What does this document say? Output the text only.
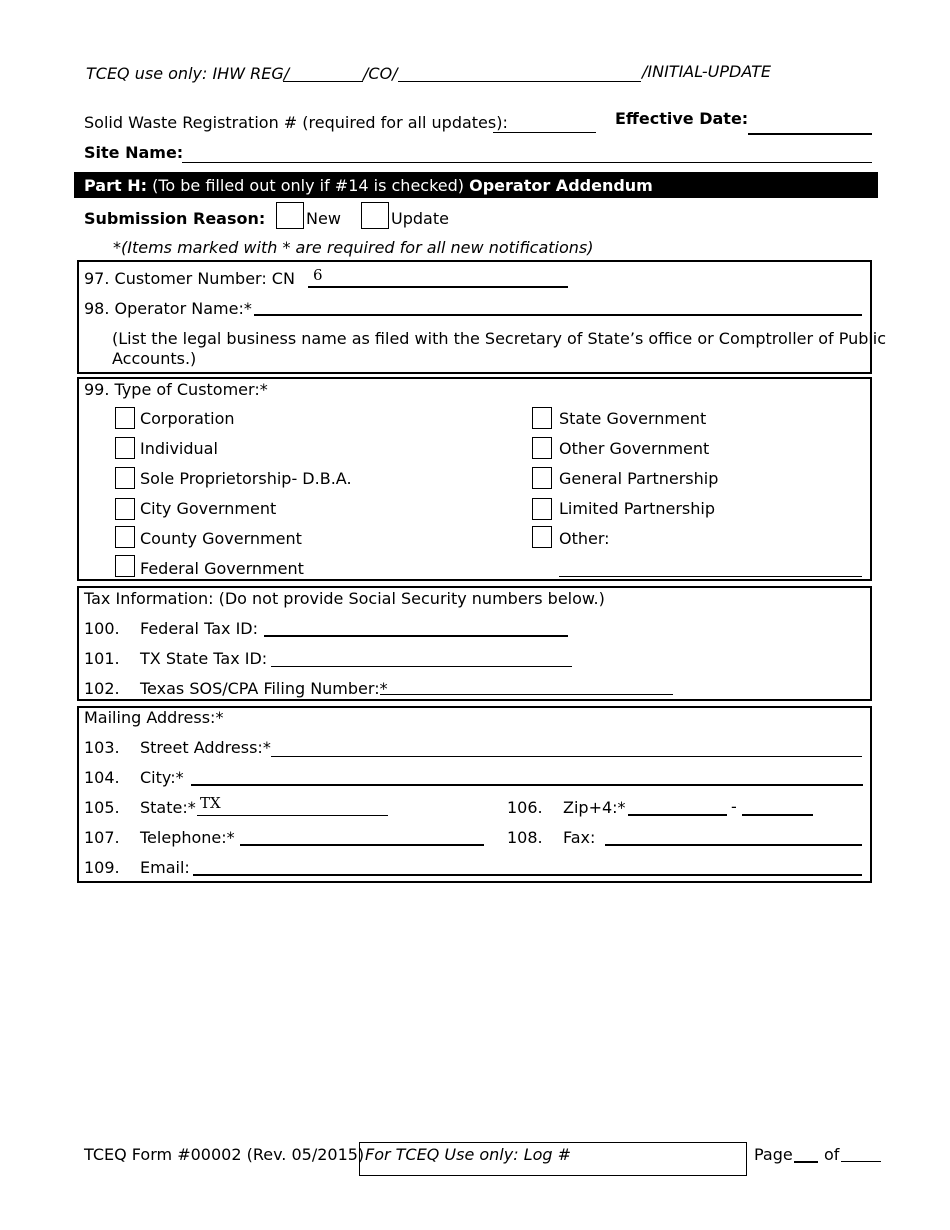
TCEQ use only: IHW REG/	/CO/	/INITIAL-UPDATE
Solid Waste Registration # (required for all updates):	Effective Date:
Site Name:
Part H: (To be filled out only if #14 is checked) Operator Addendum
Submission Reason:	New	Update
*(Items marked with * are required for all new notifications)
97. Customer Number: CN 6
98. Operator Name:*
(List the legal business name as filed with the Secretary of State’s office or Comptroller of Public
Accounts.)
99. Type of Customer:*
Corporation
Individual
Sole Proprietorship- D.B.A.
City Government
County Government
Federal Government
State Government
Other Government
General Partnership
Limited Partnership
Other:
Tax Information: (Do not provide Social Security numbers below.)
100. Federal Tax ID:
101. TX State Tax ID:
102. Texas SOS/CPA Filing Number:*
Mailing Address:*
103. Street Address:*
104. City:*
105. State:* TX	106. Zip+4:*	-
107. Telephone:*	108. Fax:
109. Email:
TCEQ Form #00002 (Rev. 05/2015) For TCEQ Use only: Log #	Page of
